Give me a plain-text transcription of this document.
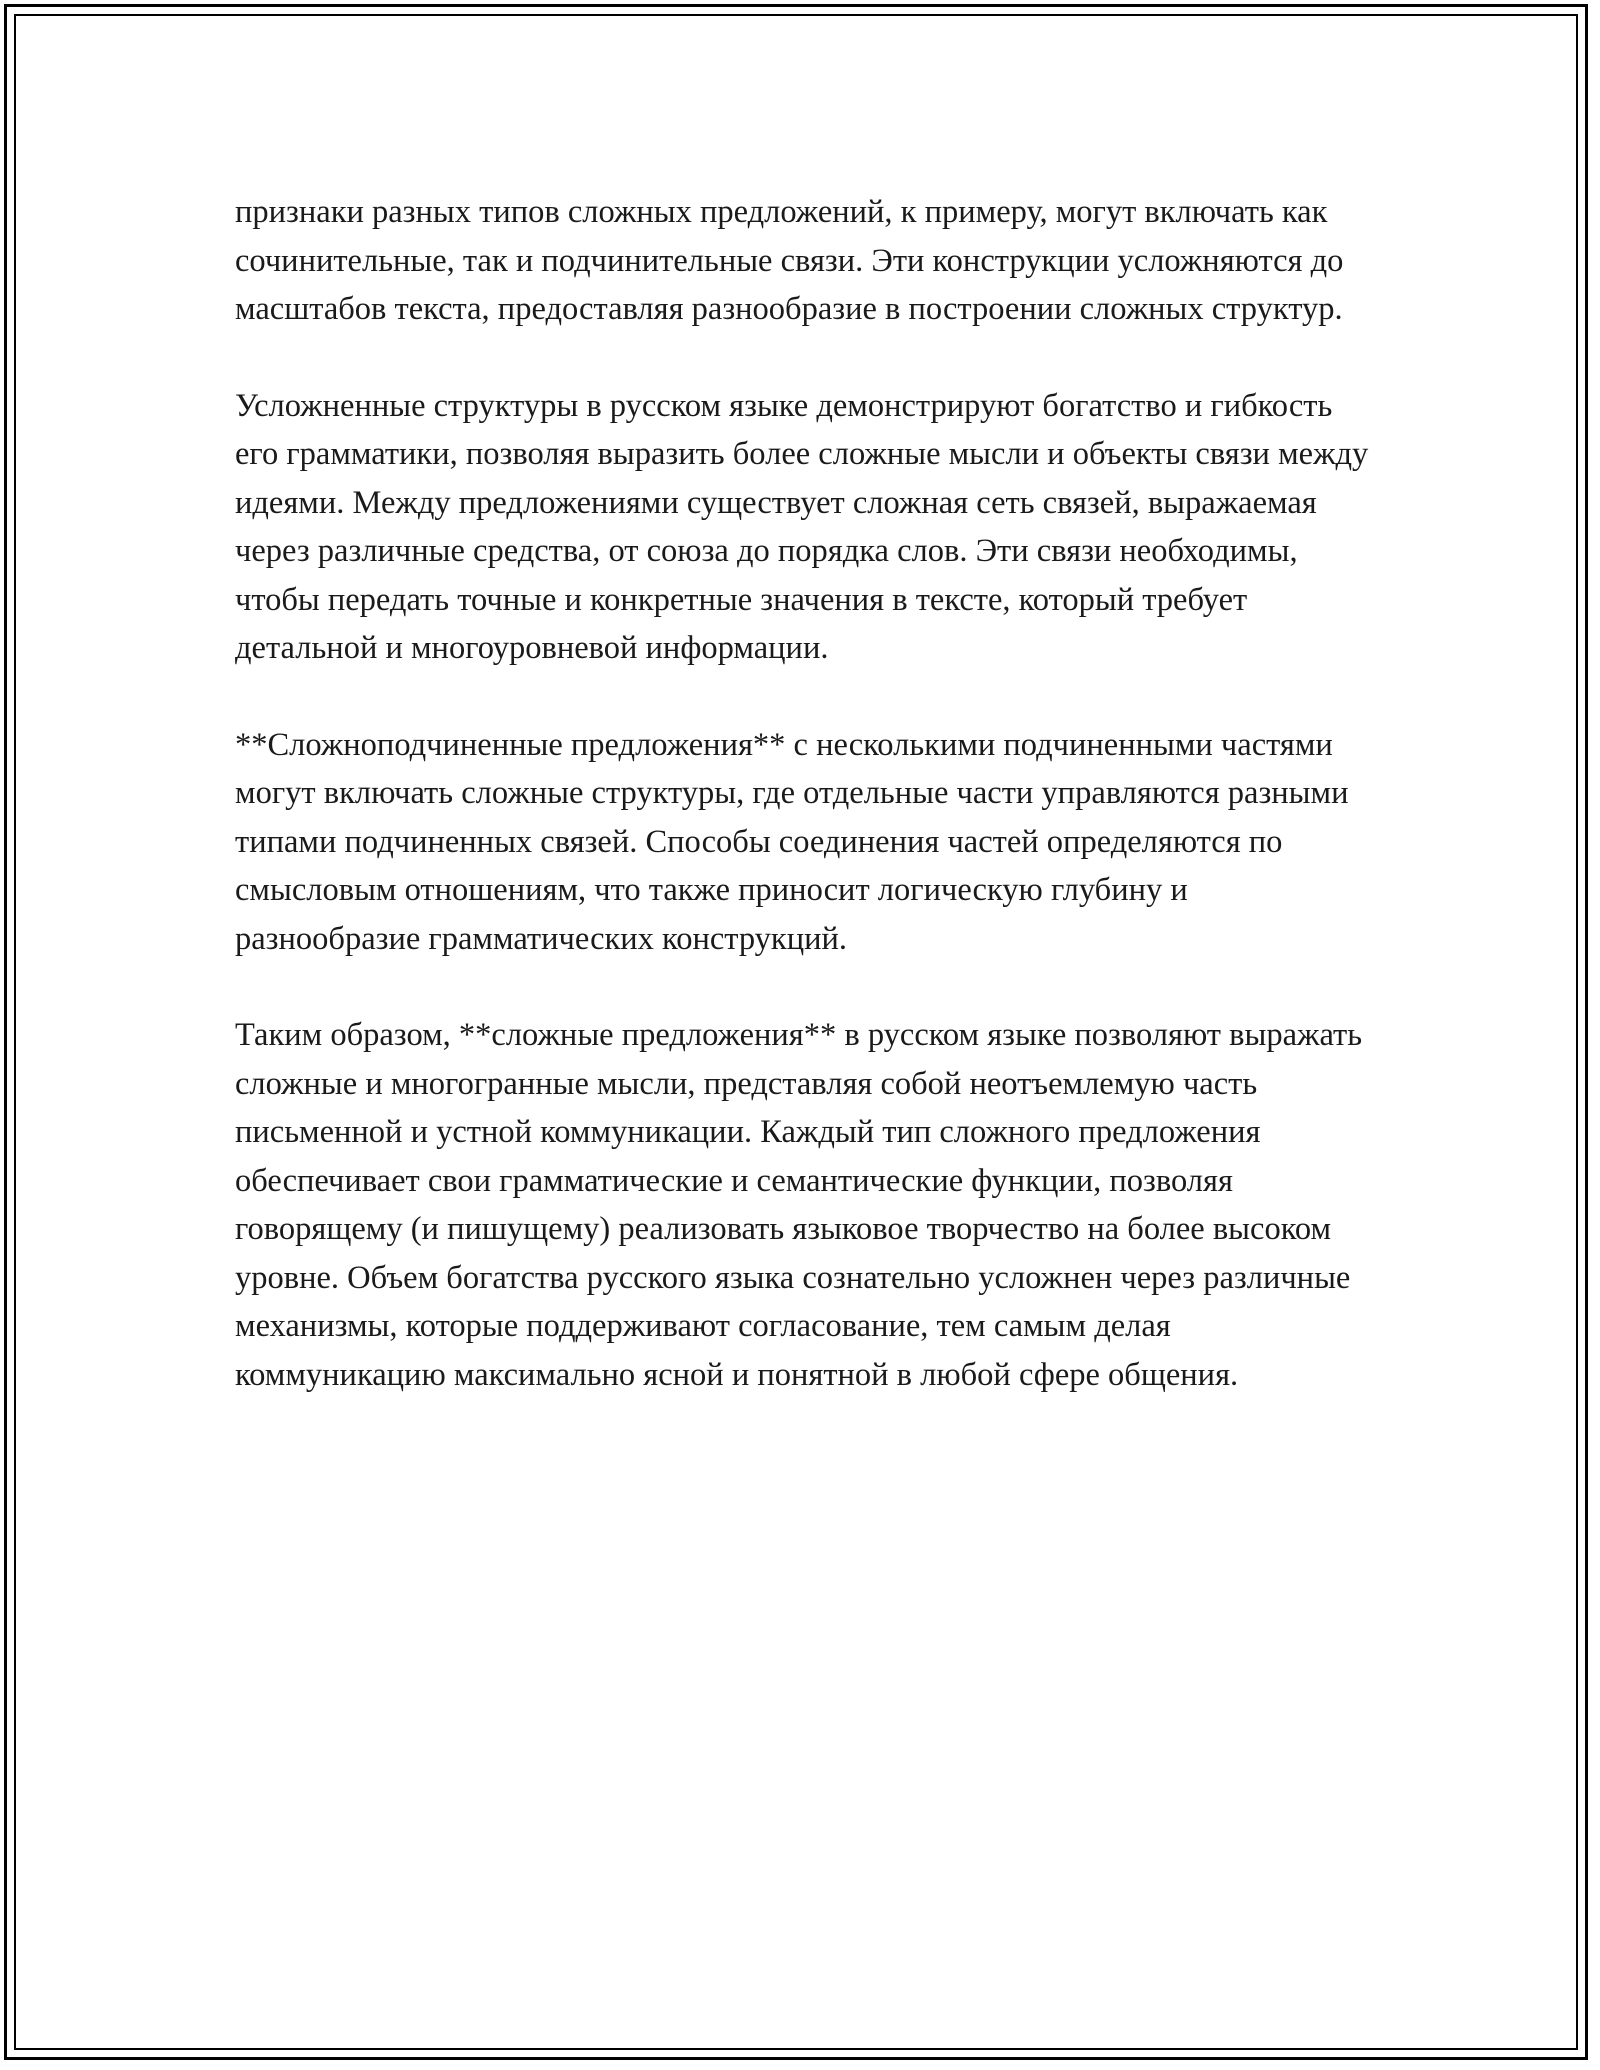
признаки разных типов сложных предложений, к примеру, могут включать как сочинительные, так и подчинительные связи. Эти конструкции усложняются до масштабов текста, предоставляя разнообразие в построении сложных структур.

Усложненные структуры в русском языке демонстрируют богатство и гибкость его грамматики, позволяя выразить более сложные мысли и объекты связи между идеями. Между предложениями существует сложная сеть связей, выражаемая через различные средства, от союза до порядка слов. Эти связи необходимы, чтобы передать точные и конкретные значения в тексте, который требует детальной и многоуровневой информации.

**Сложноподчиненные предложения** с несколькими подчиненными частями могут включать сложные структуры, где отдельные части управляются разными типами подчиненных связей. Способы соединения частей определяются по смысловым отношениям, что также приносит логическую глубину и разнообразие грамматических конструкций.

Таким образом, **сложные предложения** в русском языке позволяют выражать сложные и многогранные мысли, представляя собой неотъемлемую часть письменной и устной коммуникации. Каждый тип сложного предложения обеспечивает свои грамматические и семантические функции, позволяя говорящему (и пишущему) реализовать языковое творчество на более высоком уровне. Объем богатства русского языка сознательно усложнен через различные механизмы, которые поддерживают согласование, тем самым делая коммуникацию максимально ясной и понятной в любой сфере общения.
